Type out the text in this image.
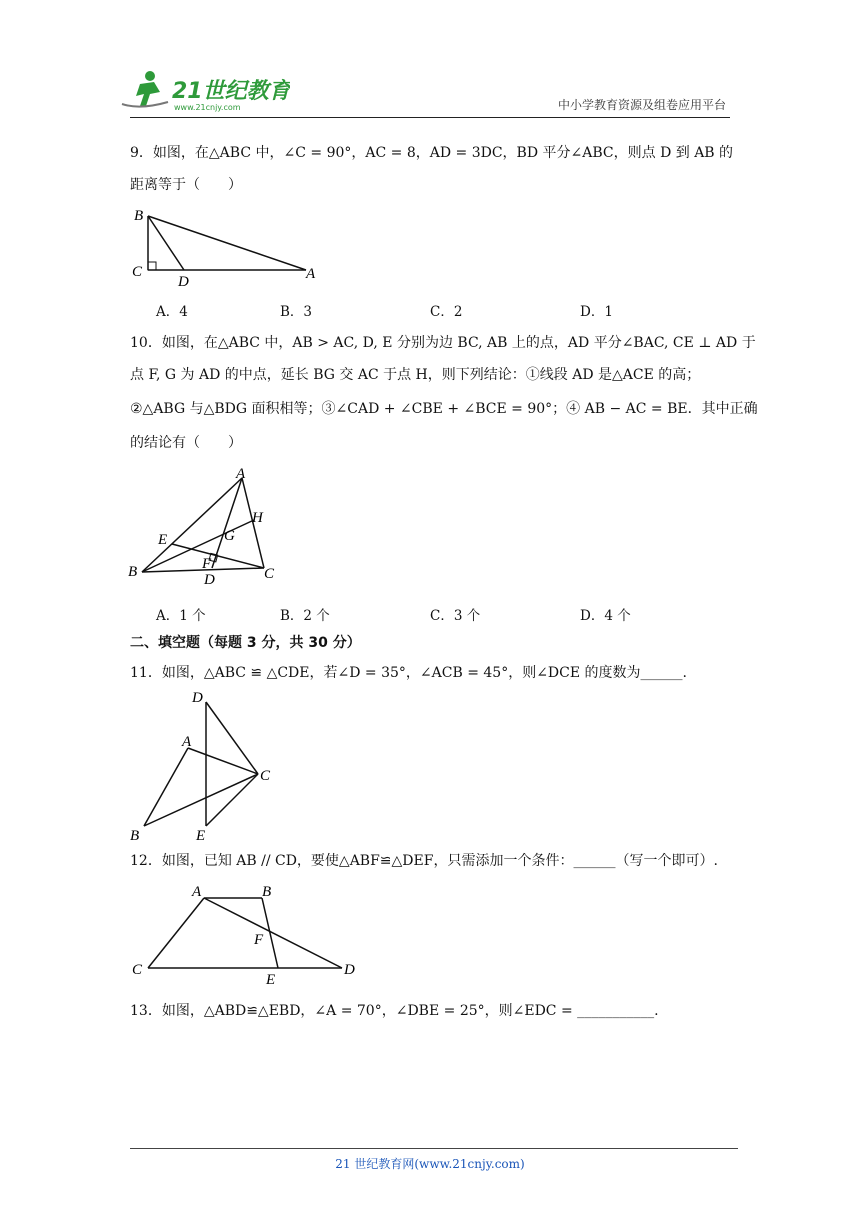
21世纪教育
www.21cnjy.com	中小学教育资源及组卷应用平台
9．如图，在△ABC 中，∠C = 90°，AC = 8，AD = 3DC，BD 平分∠ABC，则点 D 到 AB 的
距离等于（　　）
B
C
D	A
A．4	B．3	C．2	D．1
10．如图，在△ABC 中，AB > AC, D, E 分别为边 BC, AB 上的点，AD 平分∠BAC, CE ⊥ AD 于
点 F, G 为 AD 的中点，延长 BG 交 AC 于点 H，则下列结论：①线段 AD 是△ACE 的高；
②△ABG 与△BDG 面积相等；③∠CAD + ∠CBE + ∠BCE = 90°；④ AB − AC = BE．其中正确
的结论有（　　）
A
H
G
E
F
B	D	C
A．1 个	B．2 个	C．3 个	D．4 个
二、填空题（每题 3 分，共 30 分）
11．如图，△ABC ≌ △CDE，若∠D = 35°，∠ACB = 45°，则∠DCE 的度数为______.
D
A
C
B	E
12．如图，已知 AB // CD，要使△ABF≌△DEF，只需添加一个条件：______（写一个即可）.
A	B
F
C
E
D
13．如图，△ABD≌△EBD，∠A = 70°，∠DBE = 25°，则∠EDC = ___________.
21 世纪教育网(www.21cnjy.com)
